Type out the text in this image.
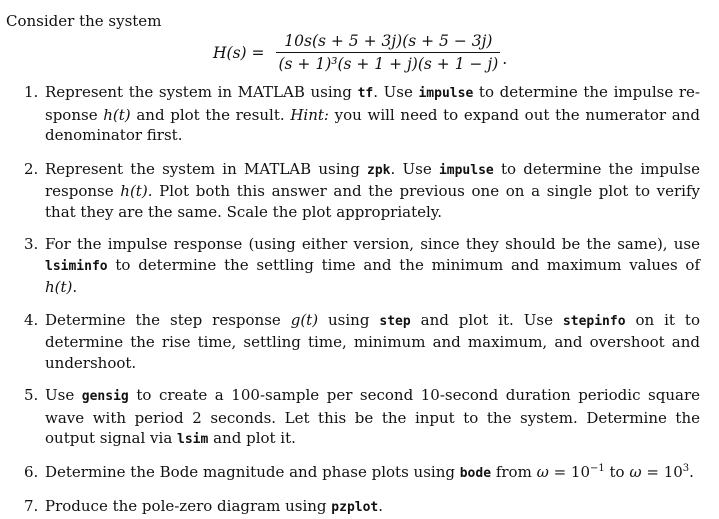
Consider the system
$H(s) = \frac{10s(s + 5 + 3j)(s + 5 - 3j)}{\text{(s + 1)³(s + 1 + j)(s + 1 − j)}}$ .
1. Represent the system in MATLAB using tf. Use impulse to determine the impulse re-sponse h(t) and plot the result. Hint: you will need to expand out the numerator and denominator first.
2. Represent the system in MATLAB using zpk. Use impulse to determine the impulse response h(t). Plot both this answer and the previous one on a single plot to verify that they are the same. Scale the plot appropriately.
3. For the impulse response (using either version, since they should be the same), use lsiminfo to determine the settling time and the minimum and maximum values of h(t).
4. Determine the step response g(t) using step and plot it. Use stepinfo on it to determine the rise time, settling time, minimum and maximum, and overshoot and undershoot.
5. Use gensig to create a 100-sample per second 10-second duration periodic square wave with period 2 seconds. Let this be the input to the system. Determine the output signal via lsim and plot it.
6. Determine the Bode magnitude and phase plots using bode from $\omega = 10^{-1}$ to $\omega = 10^3$.
7. Produce the pole-zero diagram using pzplot.
